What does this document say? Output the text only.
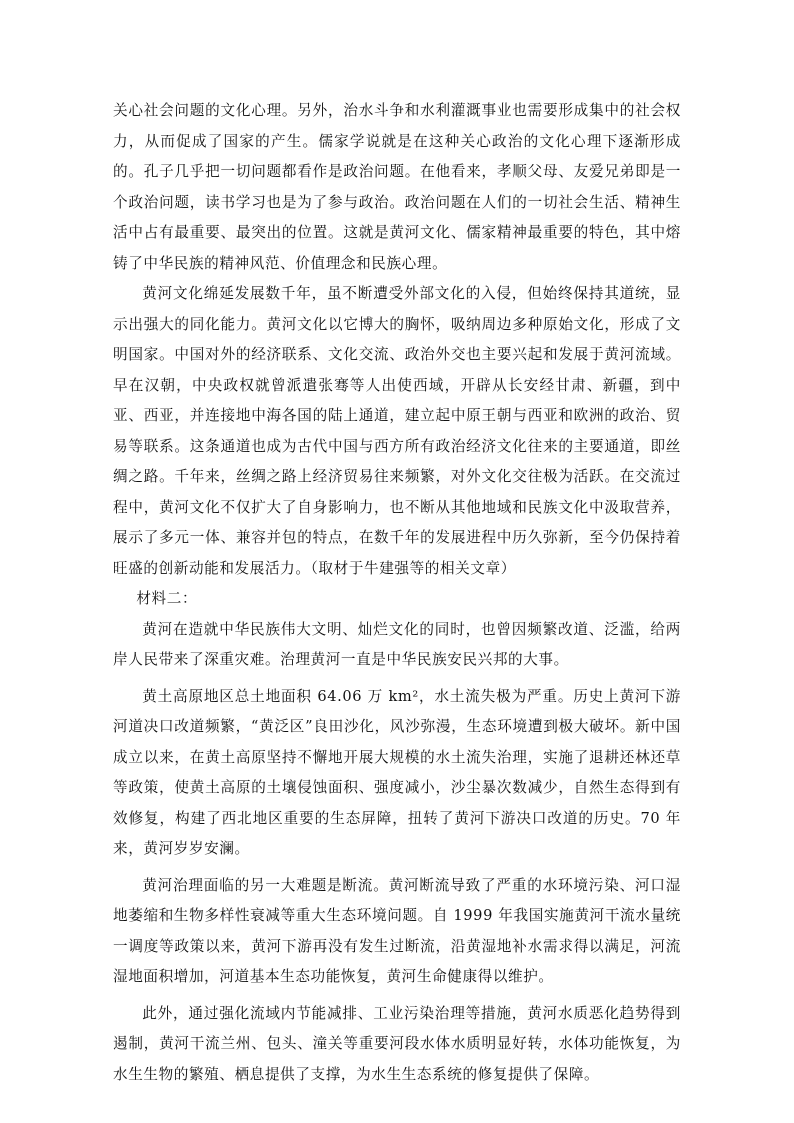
关心社会问题的文化心理。另外，治水斗争和水利灌溉事业也需要形成集中的社会权力，从而促成了国家的产生。儒家学说就是在这种关心政治的文化心理下逐渐形成的。孔子几乎把一切问题都看作是政治问题。在他看来，孝顺父母、友爱兄弟即是一个政治问题，读书学习也是为了参与政治。政治问题在人们的一切社会生活、精神生活中占有最重要、最突出的位置。这就是黄河文化、儒家精神最重要的特色，其中熔铸了中华民族的精神风范、价值理念和民族心理。

黄河文化绵延发展数千年，虽不断遭受外部文化的入侵，但始终保持其道统，显示出强大的同化能力。黄河文化以它博大的胸怀，吸纳周边多种原始文化，形成了文明国家。中国对外的经济联系、文化交流、政治外交也主要兴起和发展于黄河流域。早在汉朝，中央政权就曾派遣张骞等人出使西域，开辟从长安经甘肃、新疆，到中亚、西亚，并连接地中海各国的陆上通道，建立起中原王朝与西亚和欧洲的政治、贸易等联系。这条通道也成为古代中国与西方所有政治经济文化往来的主要通道，即丝绸之路。千年来，丝绸之路上经济贸易往来频繁，对外文化交往极为活跃。在交流过程中，黄河文化不仅扩大了自身影响力，也不断从其他地域和民族文化中汲取营养，展示了多元一体、兼容并包的特点，在数千年的发展进程中历久弥新，至今仍保持着旺盛的创新动能和发展活力。（取材于牛建强等的相关文章）

材料二：

黄河在造就中华民族伟大文明、灿烂文化的同时，也曾因频繁改道、泛滥，给两岸人民带来了深重灾难。治理黄河一直是中华民族安民兴邦的大事。

黄土高原地区总土地面积 64.06 万 km²，水土流失极为严重。历史上黄河下游河道决口改道频繁，“黄泛区”良田沙化，风沙弥漫，生态环境遭到极大破坏。新中国成立以来，在黄土高原坚持不懈地开展大规模的水土流失治理，实施了退耕还林还草等政策，使黄土高原的土壤侵蚀面积、强度减小，沙尘暴次数减少，自然生态得到有效修复，构建了西北地区重要的生态屏障，扭转了黄河下游决口改道的历史。70 年来，黄河岁岁安澜。

黄河治理面临的另一大难题是断流。黄河断流导致了严重的水环境污染、河口湿地萎缩和生物多样性衰减等重大生态环境问题。自 1999 年我国实施黄河干流水量统一调度等政策以来，黄河下游再没有发生过断流，沿黄湿地补水需求得以满足，河流湿地面积增加，河道基本生态功能恢复，黄河生命健康得以维护。

此外，通过强化流域内节能减排、工业污染治理等措施，黄河水质恶化趋势得到遏制，黄河干流兰州、包头、潼关等重要河段水体水质明显好转，水体功能恢复，为水生生物的繁殖、栖息提供了支撑，为水生生态系统的修复提供了保障。
